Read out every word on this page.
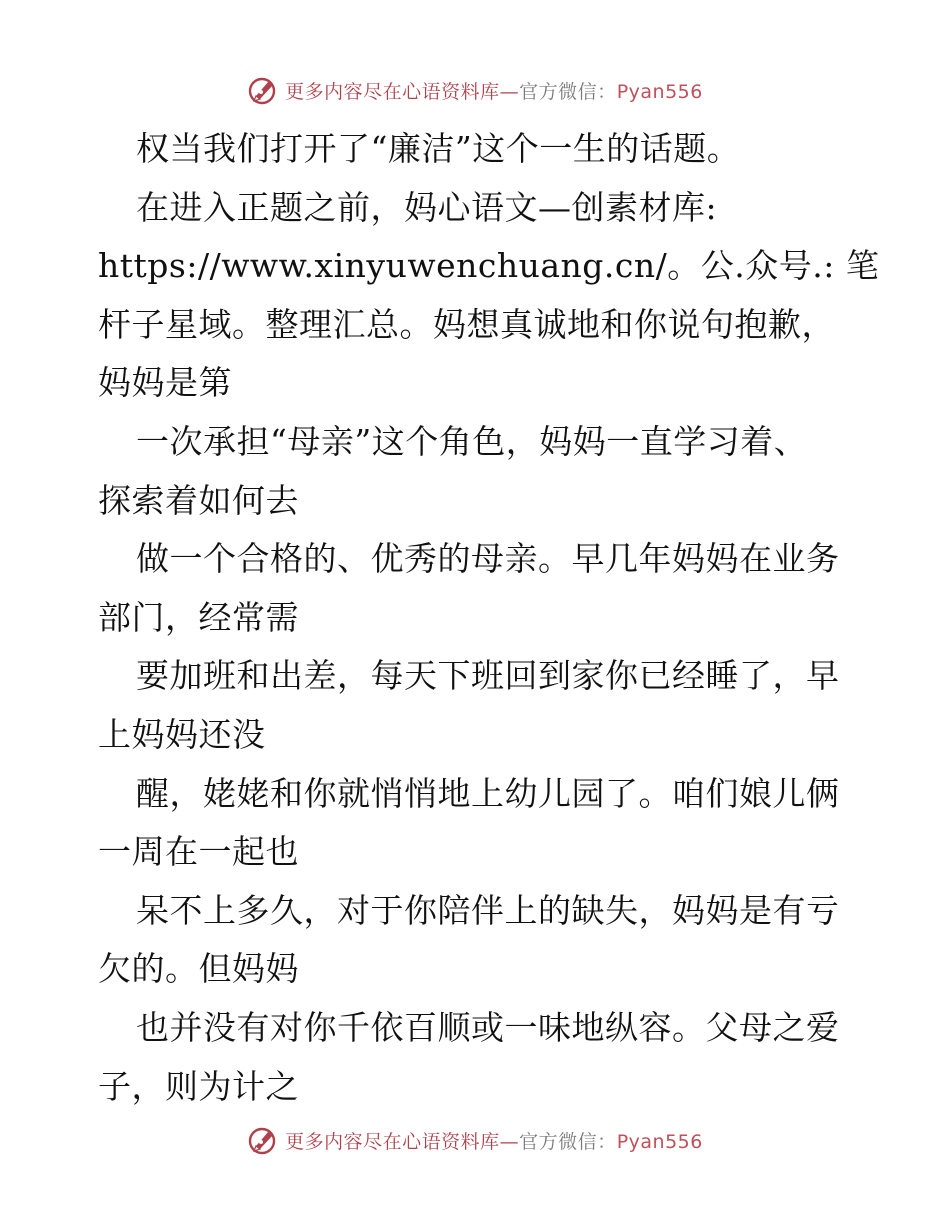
更多内容尽在心语资料库—官方微信：Pyan556
权当我们打开了“廉洁”这个一生的话题。
在进入正题之前，妈心语文—创素材库:
https://www.xinyuwenchuang.cn/。公.众号.: 笔
杆子星域。整理汇总。妈想真诚地和你说句抱歉，
妈妈是第
一次承担“母亲”这个角色，妈妈一直学习着、
探索着如何去
做一个合格的、优秀的母亲。早几年妈妈在业务
部门，经常需
要加班和出差，每天下班回到家你已经睡了，早
上妈妈还没
醒，姥姥和你就悄悄地上幼儿园了。咱们娘儿俩
一周在一起也
呆不上多久，对于你陪伴上的缺失，妈妈是有亏
欠的。但妈妈
也并没有对你千依百顺或一味地纵容。父母之爱
子，则为计之
更多内容尽在心语资料库—官方微信：Pyan556
